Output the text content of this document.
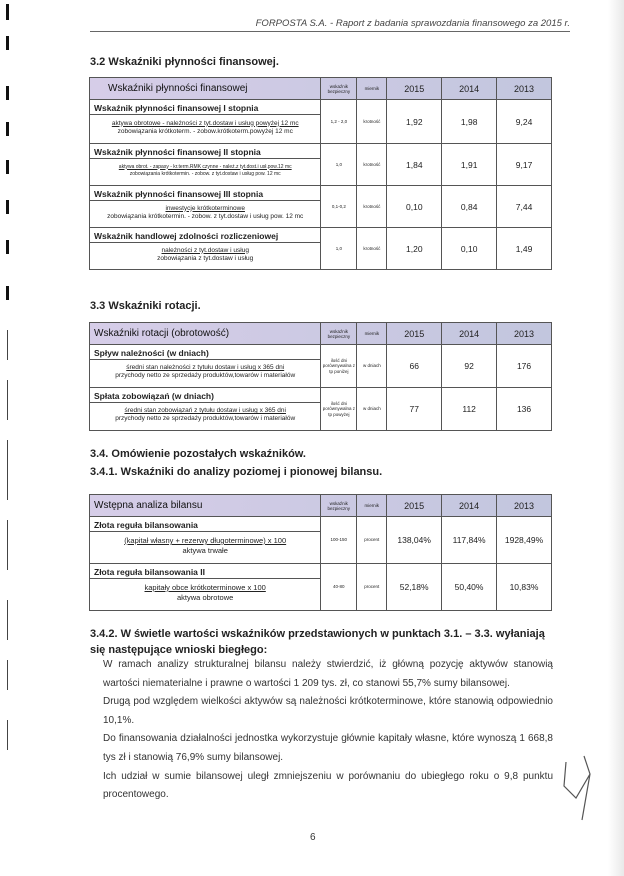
FORPOSTA S.A. - Raport z badania sprawozdania finansowego za 2015 r.
3.2 Wskaźniki płynności finansowej.
Wskaźniki płynności finansowej	wskaźnik bezpieczny	miernik	2015	2014	2013
Wskaźnik płynności finansowej I stopnia	1,2 - 2,0	krotność	1,92	1,98	9,24

aktywa obrotowe - należności z tyt.dostaw i usług powyżej 12 mc
zobowiązania krótkoterm. - zobow.krótkoterm.powyżej 12 mc					

Wskaźnik płynności finansowej II stopnia	1,0	krotność	1,84	1,91	9,17

aktywa obrot. - zapasy - kr.term.RMK czynne - należ.z tyt.dost.i usł.pow.12 mc
zobowiązania krótkotermin. - zobow. z tyt.dostaw i usług pow. 12 mc					

Wskaźnik płynności finansowej III stopnia	0,1-0,2	krotność	0,10	0,84	7,44

inwestycje krótkoterminowe
zobowiązania krótkotermin. - zobow. z tyt.dostaw i usług pow. 12 mc					

Wskaźnik handlowej zdolności rozliczeniowej	1,0	krotność	1,20	0,10	1,49

należności z tyt.dostaw i usług
zobowiązania z tyt.dostaw i usług					
3.3 Wskaźniki rotacji.
Wskaźniki rotacji (obrotowość)	wskaźnik bezpieczny	miernik	2015	2014	2013
Spływ należności (w dniach)	ilość dni porównywalna z tp poniżej	w dniach	66	92	176

średni stan należności z tytułu dostaw i usług x 365 dni
przychody netto ze sprzedaży produktów,towarów i materiałów					

Spłata zobowiązań (w dniach)	ilość dni porównywalna z tp powyżej	w dniach	77	112	136

średni stan zobowiązań z tytułu dostaw i usług x 365 dni
przychody netto ze sprzedaży produktów,towarów i materiałów					
3.4. Omówienie pozostałych wskaźników.
3.4.1. Wskaźniki do analizy poziomej i pionowej bilansu.
Wstępna analiza bilansu	wskaźnik bezpieczny	miernik	2015	2014	2013
Złota reguła bilansowania	100-150	procent	138,04%	117,84%	1928,49%

(kapitał własny + rezerwy długoterminowe) x 100
aktywa trwałe					

Złota reguła bilansowania II	40-80	procent	52,18%	50,40%	10,83%

kapitały obce krótkoterminowe x 100
aktywa obrotowe					
3.4.2. W świetle wartości wskaźników przedstawionych w punktach 3.1. – 3.3. wyłaniają się następujące wnioski biegłego:

W ramach analizy strukturalnej bilansu należy stwierdzić, iż główną pozycję aktywów stanowią wartości niematerialne i prawne o wartości 1 209 tys. zł, co stanowi 55,7% sumy bilansowej.

Drugą pod względem wielkości aktywów są należności krótkoterminowe, które stanowią odpowiednio 10,1%.

Do finansowania działalności jednostka wykorzystuje głównie kapitały własne, które wynoszą 1 668,8 tys zł i stanowią 76,9% sumy bilansowej.

Ich udział w sumie bilansowej uległ zmniejszeniu w porównaniu do ubiegłego roku o 9,8 punktu procentowego.

6
